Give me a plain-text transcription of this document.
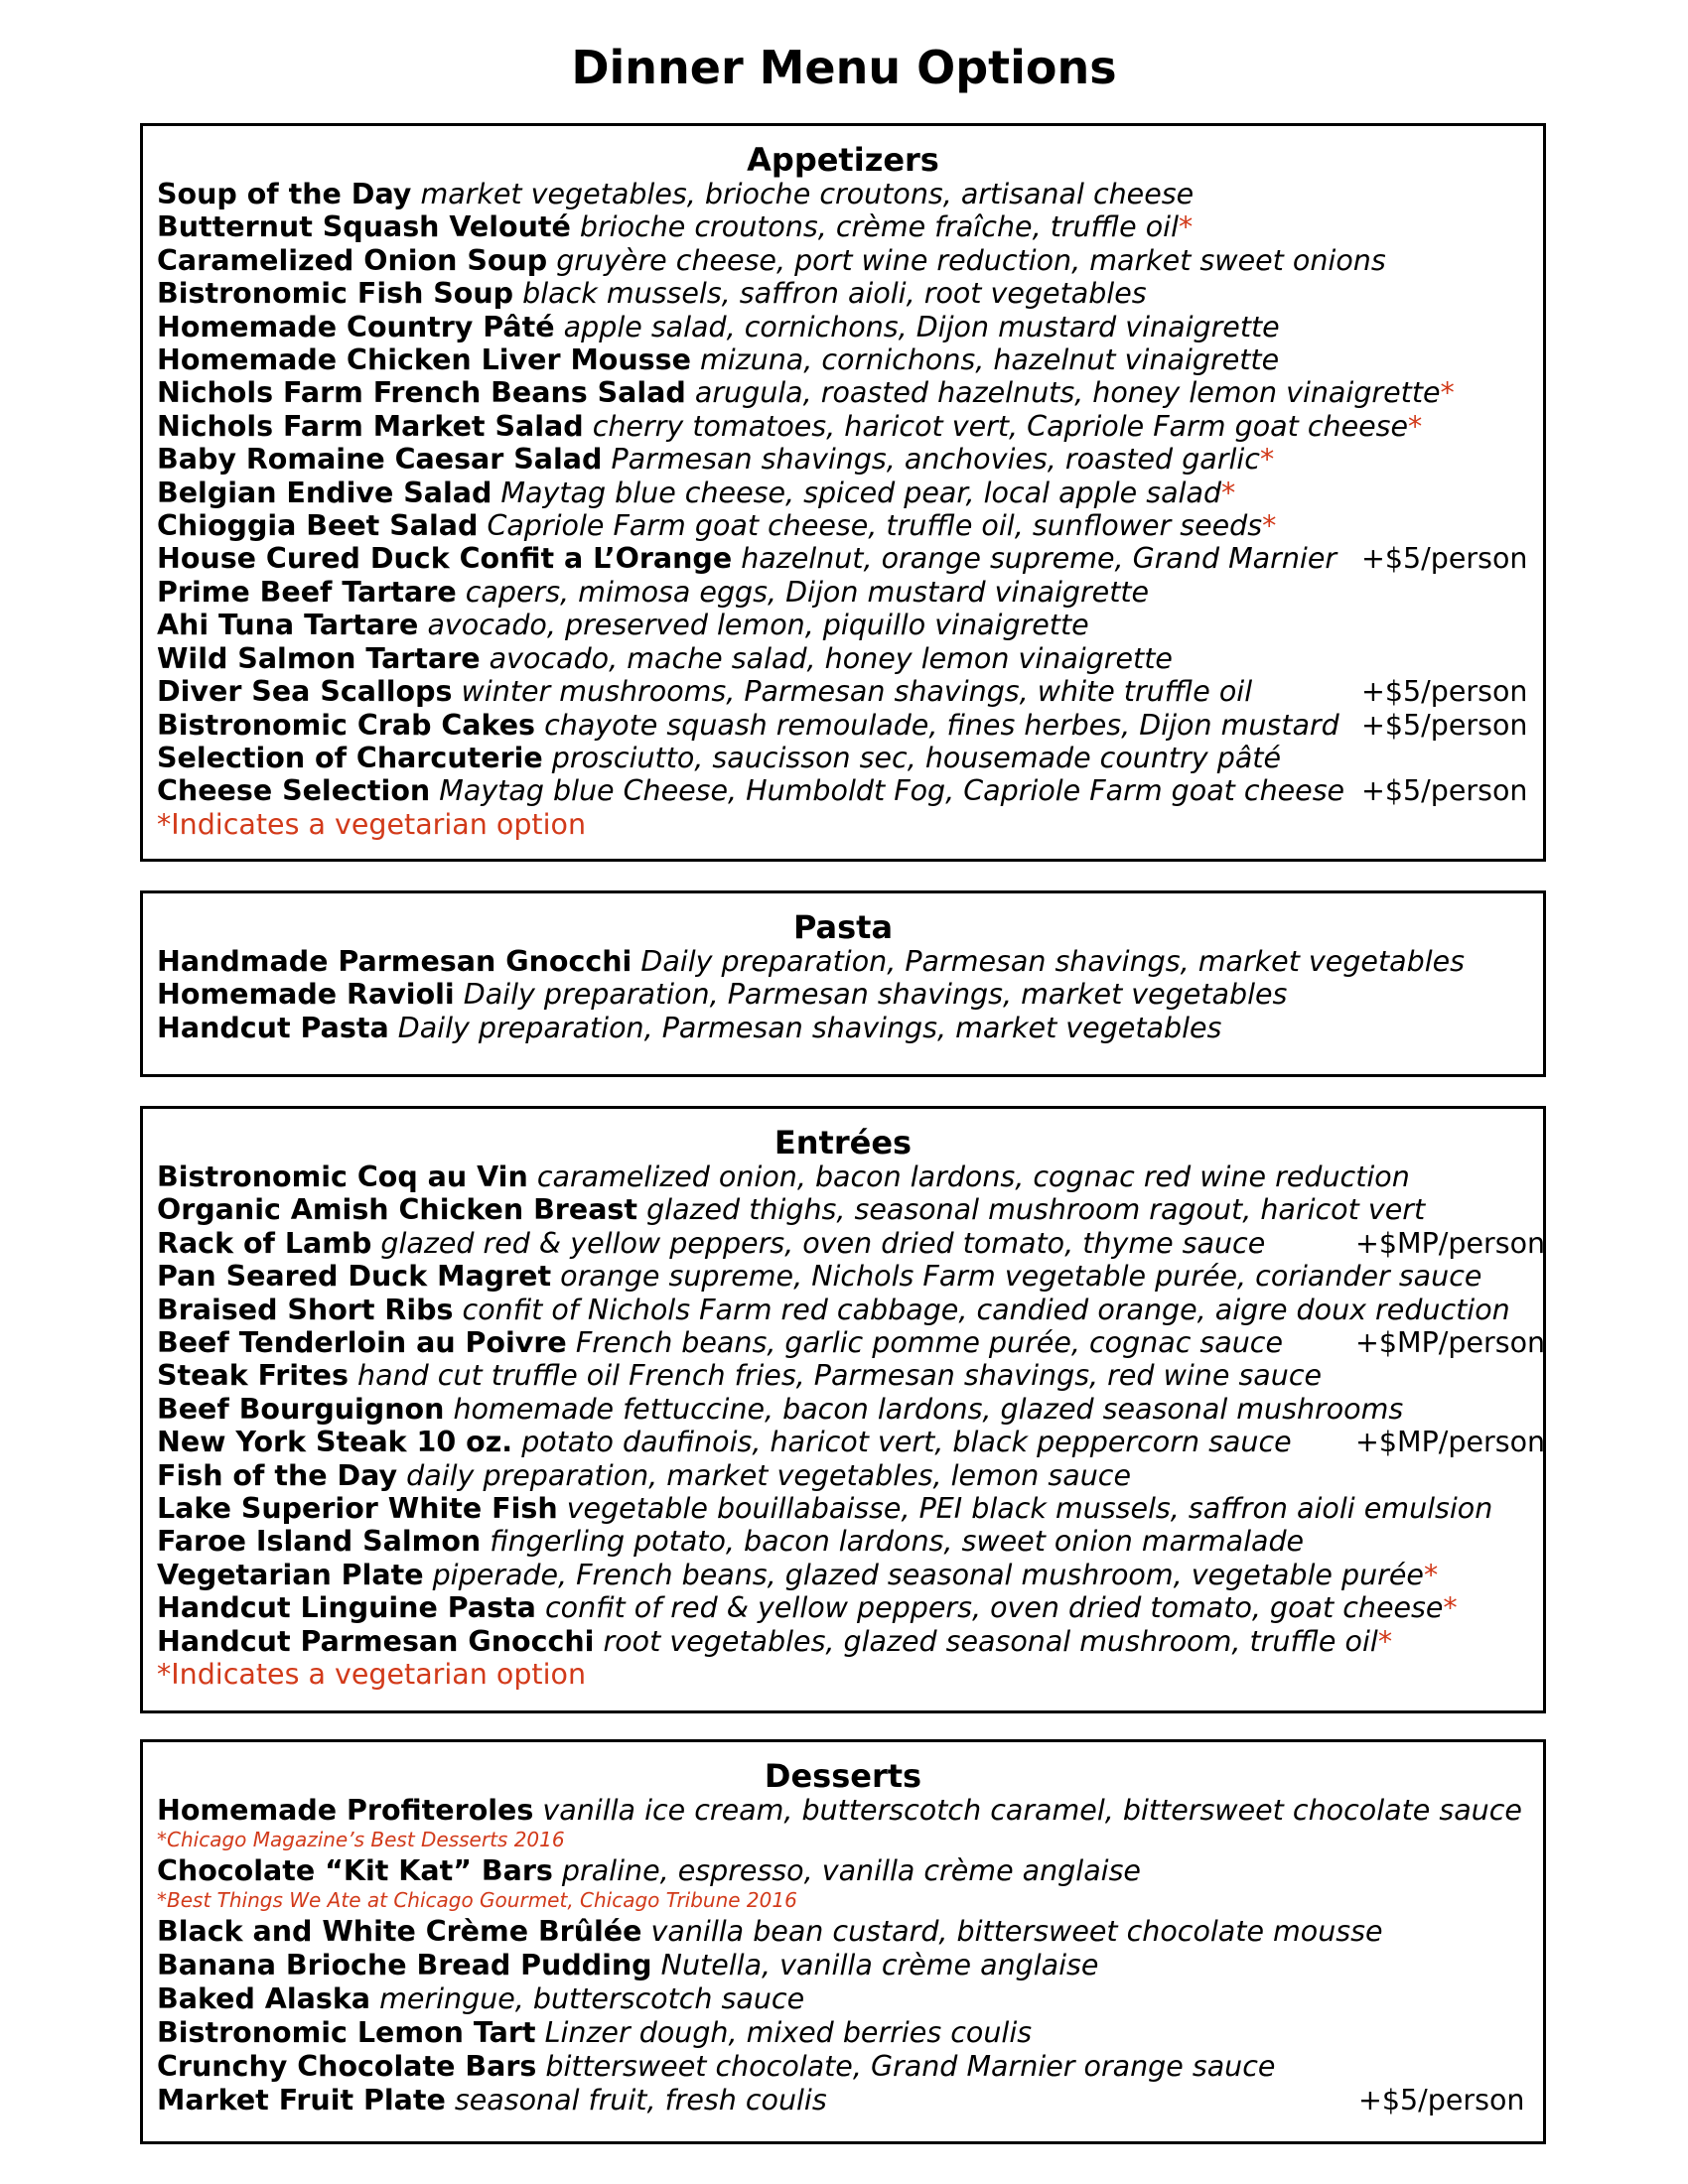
Dinner Menu Options
Appetizers
Soup of the Day market vegetables, brioche croutons, artisanal cheese
Butternut Squash Velouté brioche croutons, crème fraîche, truffle oil*
Caramelized Onion Soup gruyère cheese, port wine reduction, market sweet onions
Bistronomic Fish Soup black mussels, saffron aioli, root vegetables
Homemade Country Pâté apple salad, cornichons, Dijon mustard vinaigrette
Homemade Chicken Liver Mousse mizuna, cornichons, hazelnut vinaigrette
Nichols Farm French Beans Salad arugula, roasted hazelnuts, honey lemon vinaigrette*
Nichols Farm Market Salad cherry tomatoes, haricot vert, Capriole Farm goat cheese*
Baby Romaine Caesar Salad Parmesan shavings, anchovies, roasted garlic*
Belgian Endive Salad Maytag blue cheese, spiced pear, local apple salad*
Chioggia Beet Salad Capriole Farm goat cheese, truffle oil, sunflower seeds*
House Cured Duck Confit a L’Orange hazelnut, orange supreme, Grand Marnier +$5/person
Prime Beef Tartare capers, mimosa eggs, Dijon mustard vinaigrette
Ahi Tuna Tartare avocado, preserved lemon, piquillo vinaigrette
Wild Salmon Tartare avocado, mache salad, honey lemon vinaigrette
Diver Sea Scallops winter mushrooms, Parmesan shavings, white truffle oil	+$5/person
Bistronomic Crab Cakes chayote squash remoulade, fines herbes, Dijon mustard +$5/person
Selection of Charcuterie prosciutto, saucisson sec, housemade country pâté
Cheese Selection Maytag blue Cheese, Humboldt Fog, Capriole Farm goat cheese +$5/person
*Indicates a vegetarian option
Pasta
Handmade Parmesan Gnocchi Daily preparation, Parmesan shavings, market vegetables
Homemade Ravioli Daily preparation, Parmesan shavings, market vegetables
Handcut Pasta Daily preparation, Parmesan shavings, market vegetables
Entrées
Bistronomic Coq au Vin caramelized onion, bacon lardons, cognac red wine reduction
Organic Amish Chicken Breast glazed thighs, seasonal mushroom ragout, haricot vert
Rack of Lamb glazed red & yellow peppers, oven dried tomato, thyme sauce	+$MP/person
Pan Seared Duck Magret orange supreme, Nichols Farm vegetable purée, coriander sauce
Braised Short Ribs confit of Nichols Farm red cabbage, candied orange, aigre doux reduction
Beef Tenderloin au Poivre French beans, garlic pomme purée, cognac sauce	+$MP/person
Steak Frites hand cut truffle oil French fries, Parmesan shavings, red wine sauce
Beef Bourguignon homemade fettuccine, bacon lardons, glazed seasonal mushrooms
New York Steak 10 oz. potato daufinois, haricot vert, black peppercorn sauce +$MP/person
Fish of the Day daily preparation, market vegetables, lemon sauce
Lake Superior White Fish vegetable bouillabaisse, PEI black mussels, saffron aioli emulsion
Faroe Island Salmon fingerling potato, bacon lardons, sweet onion marmalade
Vegetarian Plate piperade, French beans, glazed seasonal mushroom, vegetable purée*
Handcut Linguine Pasta confit of red & yellow peppers, oven dried tomato, goat cheese*
Handcut Parmesan Gnocchi root vegetables, glazed seasonal mushroom, truffle oil*
*Indicates a vegetarian option
Desserts
Homemade Profiteroles vanilla ice cream, butterscotch caramel, bittersweet chocolate sauce
*Chicago Magazine’s Best Desserts 2016
Chocolate “Kit Kat” Bars praline, espresso, vanilla crème anglaise
*Best Things We Ate at Chicago Gourmet, Chicago Tribune 2016
Black and White Crème Brûlée vanilla bean custard, bittersweet chocolate mousse
Banana Brioche Bread Pudding Nutella, vanilla crème anglaise
Baked Alaska meringue, butterscotch sauce
Bistronomic Lemon Tart Linzer dough, mixed berries coulis
Crunchy Chocolate Bars bittersweet chocolate, Grand Marnier orange sauce
Market Fruit Plate seasonal fruit, fresh coulis	+$5/person
